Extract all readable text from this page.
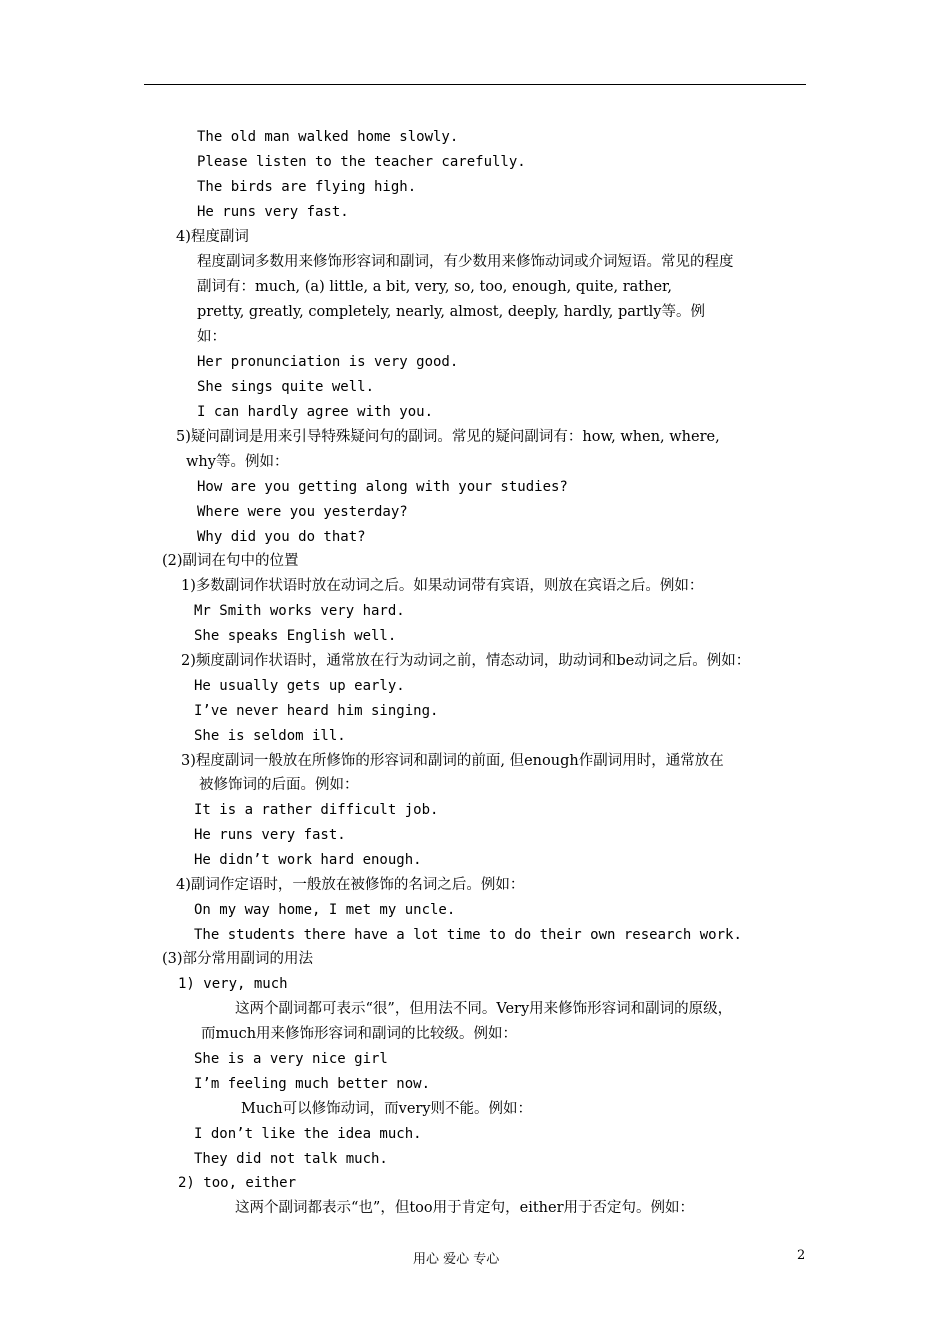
The old man walked home slowly.
Please listen to the teacher carefully.
The birds are flying high.
He runs very fast.
4)程度副词
程度副词多数用来修饰形容词和副词，有少数用来修饰动词或介词短语。常见的程度
副词有：much, (a) little, a bit, very, so, too, enough, quite, rather,
pretty, greatly, completely, nearly, almost, deeply, hardly, partly等。例
如：
Her pronunciation is very good.
She sings quite well.
I can hardly agree with you.
5)疑问副词是用来引导特殊疑问句的副词。常见的疑问副词有：how, when, where,
why等。例如：
How are you getting along with your studies?
Where were you yesterday?
Why did you do that?
(2)副词在句中的位置
1)多数副词作状语时放在动词之后。如果动词带有宾语，则放在宾语之后。例如：
Mr Smith works very hard.
She speaks English well.
2)频度副词作状语时，通常放在行为动词之前，情态动词，助动词和be动词之后。例如：
He usually gets up early.
I’ve never heard him singing.
She is seldom ill.
3)程度副词一般放在所修饰的形容词和副词的前面, 但enough作副词用时，通常放在
被修饰词的后面。例如：
It is a rather difficult job.
He runs very fast.
He didn’t work hard enough.
4)副词作定语时，一般放在被修饰的名词之后。例如：
On my way home, I met my uncle.
The students there have a lot time to do their own research work.
(3)部分常用副词的用法
1) very, much
这两个副词都可表示“很”，但用法不同。Very用来修饰形容词和副词的原级，
而much用来修饰形容词和副词的比较级。例如：
She is a very nice girl
I’m feeling much better now.
Much可以修饰动词，而very则不能。例如：
I don’t like the idea much.
They did not talk much.
2) too, either
这两个副词都表示“也”，但too用于肯定句，either用于否定句。例如：
用心 爱心 专心	2
